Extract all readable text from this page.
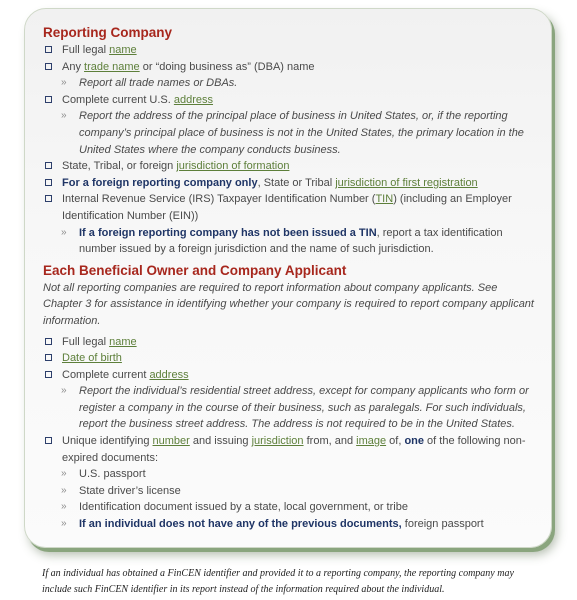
Reporting Company
Full legal name
Any trade name or “doing business as” (DBA) name
»	Report all trade names or DBAs.
Complete current U.S. address
»	Report the address of the principal place of business in United States, or, if the reporting company’s principal place of business is not in the United States, the primary location in the United States where the company conducts business.
State, Tribal, or foreign jurisdiction of formation
For a foreign reporting company only, State or Tribal jurisdiction of first registration
Internal Revenue Service (IRS) Taxpayer Identification Number (TIN) (including an Employer Identification Number (EIN))
»	If a foreign reporting company has not been issued a TIN, report a tax identification number issued by a foreign jurisdiction and the name of such jurisdiction.
Each Beneficial Owner and Company Applicant
Not all reporting companies are required to report information about company applicants. See Chapter 3 for assistance in identifying whether your company is required to report company applicant information.
Full legal name
Date of birth
Complete current address
»	Report the individual’s residential street address, except for company applicants who form or register a company in the course of their business, such as paralegals. For such individuals, report the business street address. The address is not required to be in the United States.
Unique identifying number and issuing jurisdiction from, and image of, one of the following non-expired documents:
»	U.S. passport
»	State driver’s license
»	Identification document issued by a state, local government, or tribe
»	If an individual does not have any of the previous documents, foreign passport
If an individual has obtained a FinCEN identifier and provided it to a reporting company, the reporting company may include such FinCEN identifier in its report instead of the information required about the individual.
